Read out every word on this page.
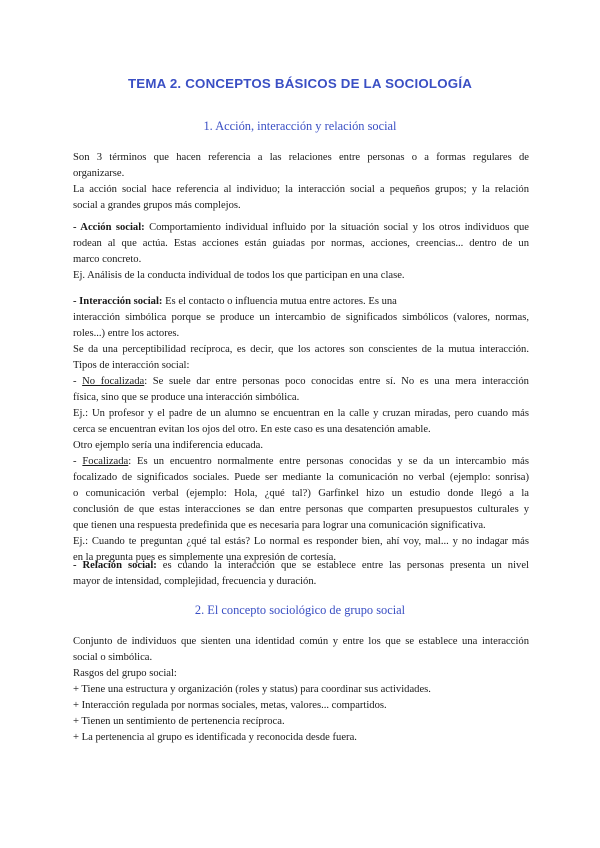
TEMA 2. CONCEPTOS BÁSICOS DE LA SOCIOLOGÍA
1. Acción, interacción y relación social

Son 3 términos que hacen referencia a las relaciones entre personas o a formas regulares de

organizarse.

La acción social hace referencia al individuo; la interacción social a pequeños grupos; y la relación

social a grandes grupos más complejos.

- Acción social: Comportamiento individual influido por la situación social y los otros individuos que

rodean al que actúa. Estas acciones están guiadas por normas, acciones, creencias... dentro de un

marco concreto.

Ej. Análisis de la conducta individual de todos los que participan en una clase.

- Interacción social: Es el contacto o influencia mutua entre actores. Es una

interacción simbólica porque se produce un intercambio de significados simbólicos (valores, normas,

roles...) entre los actores.

Se da una perceptibilidad recíproca, es decir, que los actores son conscientes de la mutua interacción.

Tipos de interacción social:

- No focalizada: Se suele dar entre personas poco conocidas entre sí. No es una mera interacción

física, sino que se produce una interacción simbólica.

Ej.: Un profesor y el padre de un alumno se encuentran en la calle y cruzan miradas, pero cuando más

cerca se encuentran evitan los ojos del otro. En este caso es una desatención amable.

Otro ejemplo sería una indiferencia educada.

- Focalizada: Es un encuentro normalmente entre personas conocidas y se da un intercambio más

focalizado de significados sociales. Puede ser mediante la comunicación no verbal (ejemplo: sonrisa)

o comunicación verbal (ejemplo: Hola, ¿qué tal?) Garfinkel hizo un estudio donde llegó a la

conclusión de que estas interacciones se dan entre personas que comparten presupuestos culturales y

que tienen una respuesta predefinida que es necesaria para lograr una comunicación significativa.

Ej.: Cuando te preguntan ¿qué tal estás? Lo normal es responder bien, ahí voy, mal... y no indagar más

en la pregunta pues es simplemente una expresión de cortesía.

- Relación social: es cuando la interacción que se establece entre las personas presenta un nivel

mayor de intensidad, complejidad, frecuencia y duración.

2. El concepto sociológico de grupo social

Conjunto de individuos que sienten una identidad común y entre los que se establece una interacción

social o simbólica.

Rasgos del grupo social:

+ Tiene una estructura y organización (roles y status) para coordinar sus actividades.

+ Interacción regulada por normas sociales, metas, valores... compartidos.

+ Tienen un sentimiento de pertenencia recíproca.

+ La pertenencia al grupo es identificada y reconocida desde fuera.
